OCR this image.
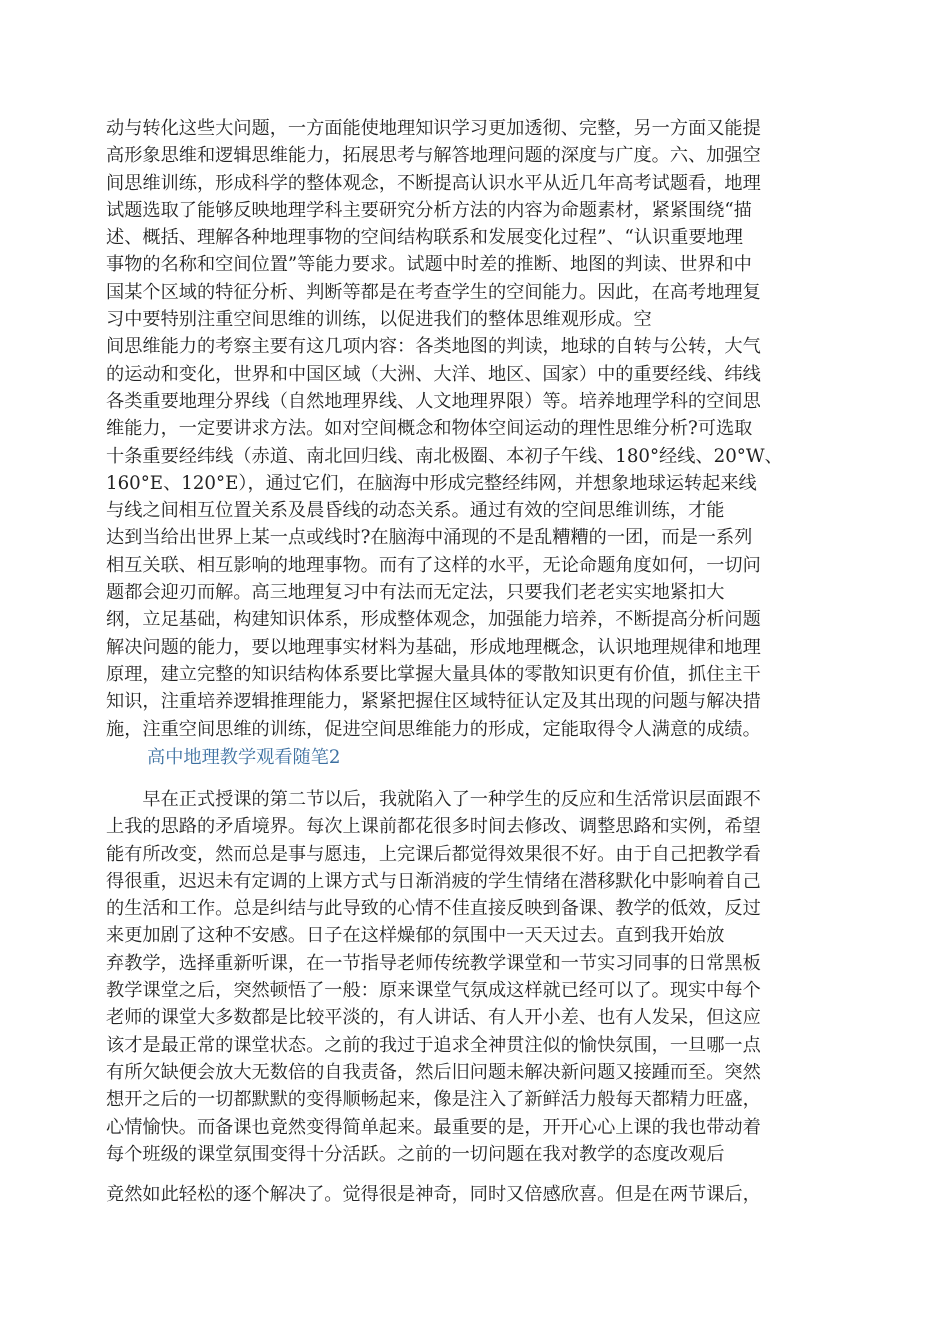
动与转化这些大问题，一方面能使地理知识学习更加透彻、完整，另一方面又能提
高形象思维和逻辑思维能力，拓展思考与解答地理问题的深度与广度。六、加强空
间思维训练，形成科学的整体观念，不断提高认识水平从近几年高考试题看，地理
试题选取了能够反映地理学科主要研究分析方法的内容为命题素材，紧紧围绕“描
述、概括、理解各种地理事物的空间结构联系和发展变化过程”、“认识重要地理
事物的名称和空间位置”等能力要求。试题中时差的推断、地图的判读、世界和中
国某个区域的特征分析、判断等都是在考查学生的空间能力。因此，在高考地理复
习中要特别注重空间思维的训练，以促进我们的整体思维观形成。空
间思维能力的考察主要有这几项内容：各类地图的判读，地球的自转与公转，大气
的运动和变化，世界和中国区域（大洲、大洋、地区、国家）中的重要经线、纬线
各类重要地理分界线（自然地理界线、人文地理界限）等。培养地理学科的空间思
维能力，一定要讲求方法。如对空间概念和物体空间运动的理性思维分析?可选取
十条重要经纬线（赤道、南北回归线、南北极圈、本初子午线、180°经线、20°W、
160°E、120°E），通过它们，在脑海中形成完整经纬网，并想象地球运转起来线
与线之间相互位置关系及晨昏线的动态关系。通过有效的空间思维训练，才能
达到当给出世界上某一点或线时?在脑海中涌现的不是乱糟糟的一团，而是一系列
相互关联、相互影响的地理事物。而有了这样的水平，无论命题角度如何，一切问
题都会迎刃而解。高三地理复习中有法而无定法，只要我们老老实实地紧扣大
纲，立足基础，构建知识体系，形成整体观念，加强能力培养，不断提高分析问题
解决问题的能力，要以地理事实材料为基础，形成地理概念，认识地理规律和地理
原理，建立完整的知识结构体系要比掌握大量具体的零散知识更有价值，抓住主干
知识，注重培养逻辑推理能力，紧紧把握住区域特征认定及其出现的问题与解决措
施，注重空间思维的训练，促进空间思维能力的形成，定能取得令人满意的成绩。
高中地理教学观看随笔2
　　早在正式授课的第二节以后，我就陷入了一种学生的反应和生活常识层面跟不
上我的思路的矛盾境界。每次上课前都花很多时间去修改、调整思路和实例，希望
能有所改变，然而总是事与愿违，上完课后都觉得效果很不好。由于自己把教学看
得很重，迟迟未有定调的上课方式与日渐消疲的学生情绪在潜移默化中影响着自己
的生活和工作。总是纠结与此导致的心情不佳直接反映到备课、教学的低效，反过
来更加剧了这种不安感。日子在这样燥郁的氛围中一天天过去。直到我开始放
弃教学，选择重新听课，在一节指导老师传统教学课堂和一节实习同事的日常黑板
教学课堂之后，突然顿悟了一般：原来课堂气氛成这样就已经可以了。现实中每个
老师的课堂大多数都是比较平淡的，有人讲话、有人开小差、也有人发呆，但这应
该才是最正常的课堂状态。之前的我过于追求全神贯注似的愉快氛围，一旦哪一点
有所欠缺便会放大无数倍的自我责备，然后旧问题未解决新问题又接踵而至。突然
想开之后的一切都默默的变得顺畅起来，像是注入了新鲜活力般每天都精力旺盛，
心情愉快。而备课也竟然变得简单起来。最重要的是，开开心心上课的我也带动着
每个班级的课堂氛围变得十分活跃。之前的一切问题在我对教学的态度改观后
竟然如此轻松的逐个解决了。觉得很是神奇，同时又倍感欣喜。但是在两节课后，
